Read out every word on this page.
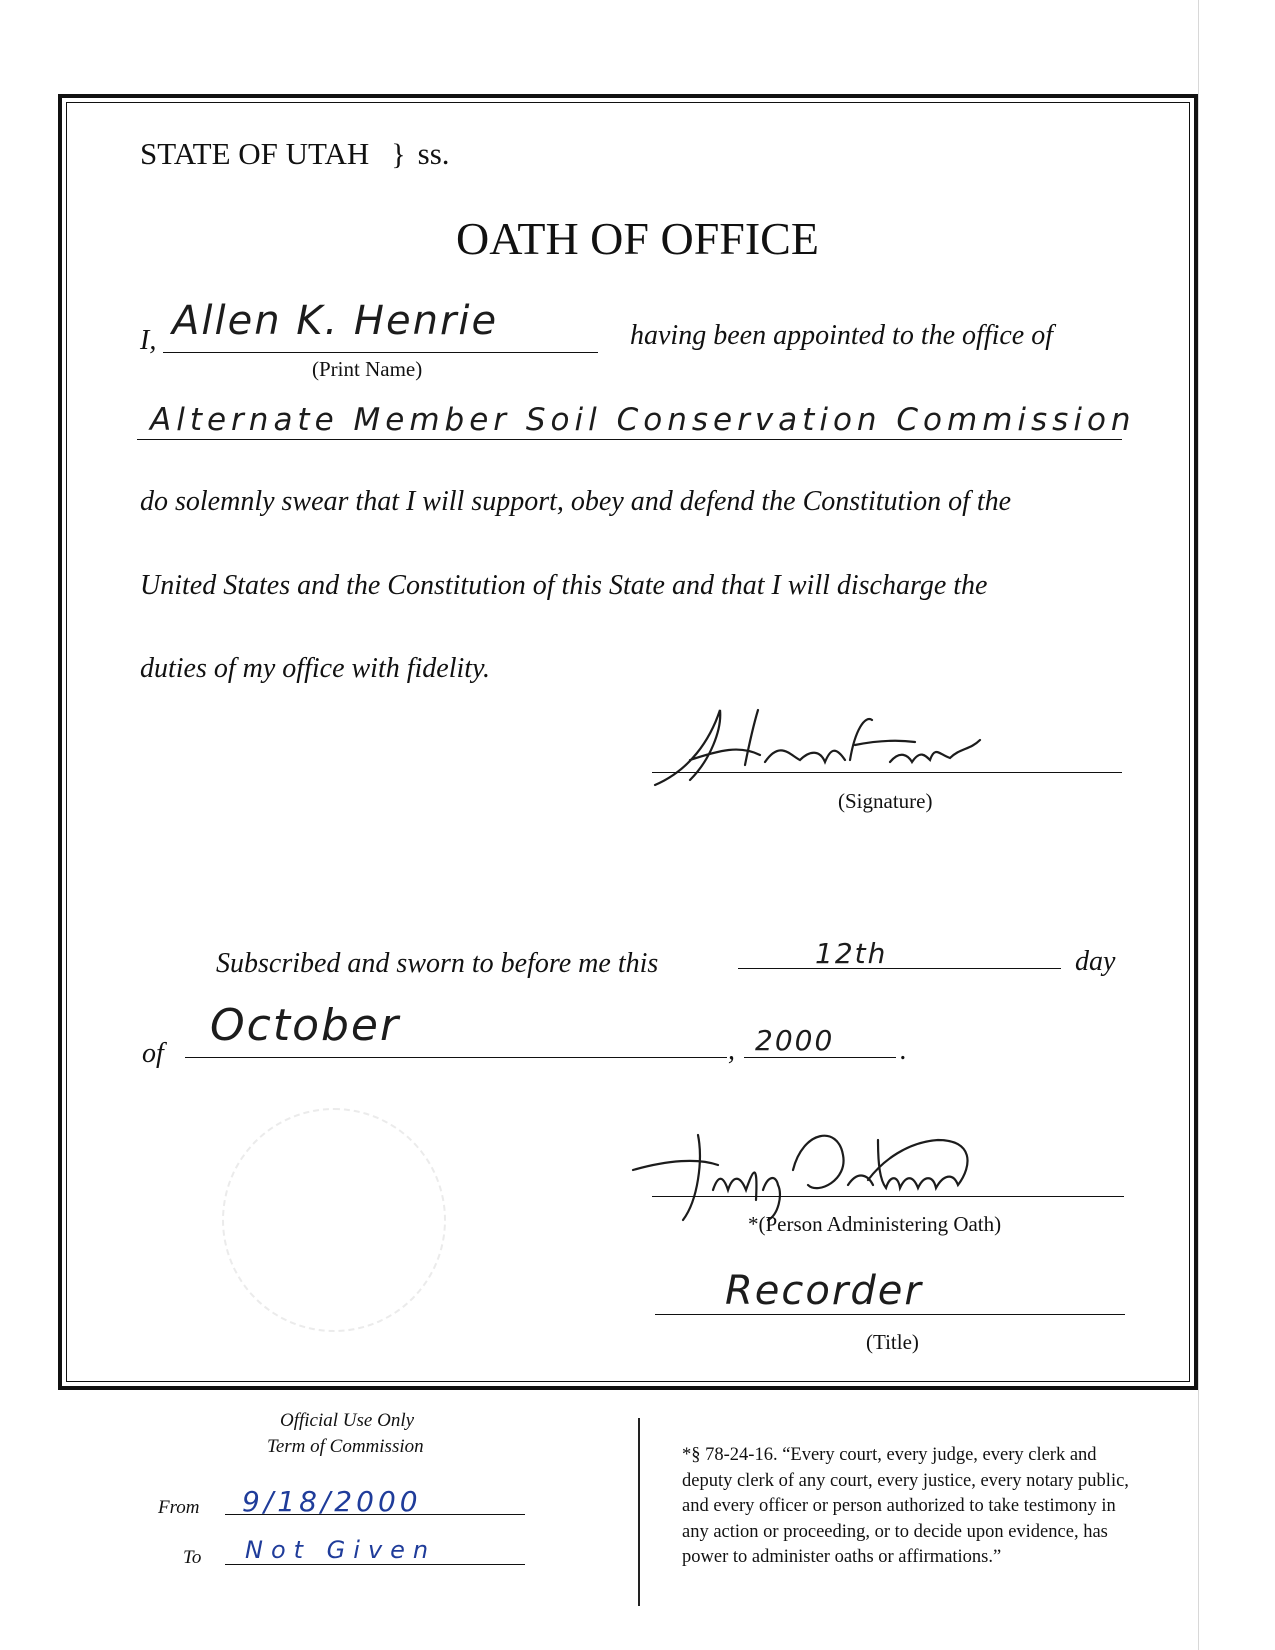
STATE OF UTAH } ss.
OATH OF OFFICE
I, Allen K. Henrie
(Print Name)
having been appointed to the office of
Alternate Member Soil Conservation Commission
do solemnly swear that I will support, obey and defend the Constitution of the
United States and the Constitution of this State and that I will discharge the
duties of my office with fidelity.
(Signature)
Subscribed and sworn to before me this	12th	day
of
October	, 2000 .
*(Person Administering Oath)
Recorder
(Title)
Official Use Only
Term of Commission
From 9/18/2000
To Not Given
*§ 78-24-16. “Every court, every judge, every clerk and
deputy clerk of any court, every justice, every notary public,
and every officer or person authorized to take testimony in
any action or proceeding, or to decide upon evidence, has
power to administer oaths or affirmations.”
